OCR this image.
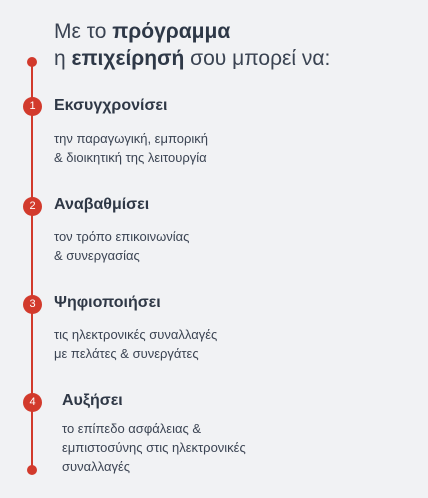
Με το πρόγραμμα
η επιχείρησή σου μπορεί να:
1	Εκσυγχρονίσει
την παραγωγική, εμπορική
& διοικητική της λειτουργία
2	Αναβαθμίσει
τον τρόπο επικοινωνίας
& συνεργασίας
3	Ψηφιοποιήσει
τις ηλεκτρονικές συναλλαγές
με πελάτες & συνεργάτες
4	Αυξήσει
το επίπεδο ασφάλειας &
εμπιστοσύνης στις ηλεκτρονικές
συναλλαγές
